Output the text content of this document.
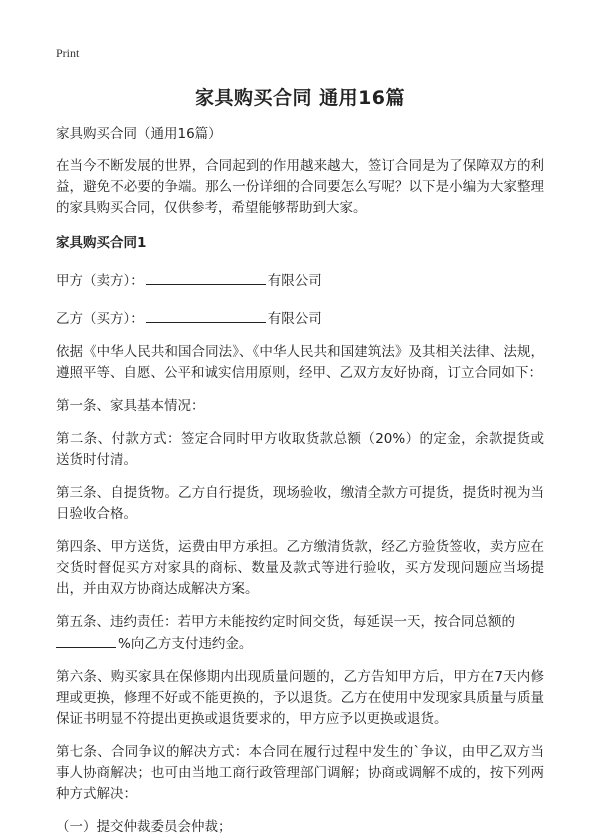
Print
家具购买合同 通用16篇
家具购买合同（通用16篇）
在当今不断发展的世界，合同起到的作用越来越大，签订合同是为了保障双方的利益，避免不必要的争端。那么一份详细的合同要怎么写呢？以下是小编为大家整理的家具购买合同，仅供参考，希望能够帮助到大家。
家具购买合同1
甲方（卖方）：	有限公司
乙方（买方）：	有限公司
依据《中华人民共和国合同法》、《中华人民共和国建筑法》及其相关法律、法规，遵照平等、自愿、公平和诚实信用原则，经甲、乙双方友好协商，订立合同如下：
第一条、家具基本情况：
第二条、付款方式：签定合同时甲方收取货款总额（20%）的定金，余款提货或送货时付清。
第三条、自提货物。乙方自行提货，现场验收，缴清全款方可提货，提货时视为当日验收合格。
第四条、甲方送货，运费由甲方承担。乙方缴清货款，经乙方验货签收，卖方应在交货时督促买方对家具的商标、数量及款式等进行验收，买方发现问题应当场提出，并由双方协商达成解决方案。
第五条、违约责任：若甲方未能按约定时间交货，每延误一天，按合同总额的
%向乙方支付违约金。
第六条、购买家具在保修期内出现质量问题的，乙方告知甲方后，甲方在7天内修理或更换，修理不好或不能更换的，予以退货。乙方在使用中发现家具质量与质量保证书明显不符提出更换或退货要求的，甲方应予以更换或退货。
第七条、合同争议的解决方式：本合同在履行过程中发生的`争议，由甲乙双方当事人协商解决；也可由当地工商行政管理部门调解；协商或调解不成的，按下列两种方式解决：
（一）提交仲裁委员会仲裁；
